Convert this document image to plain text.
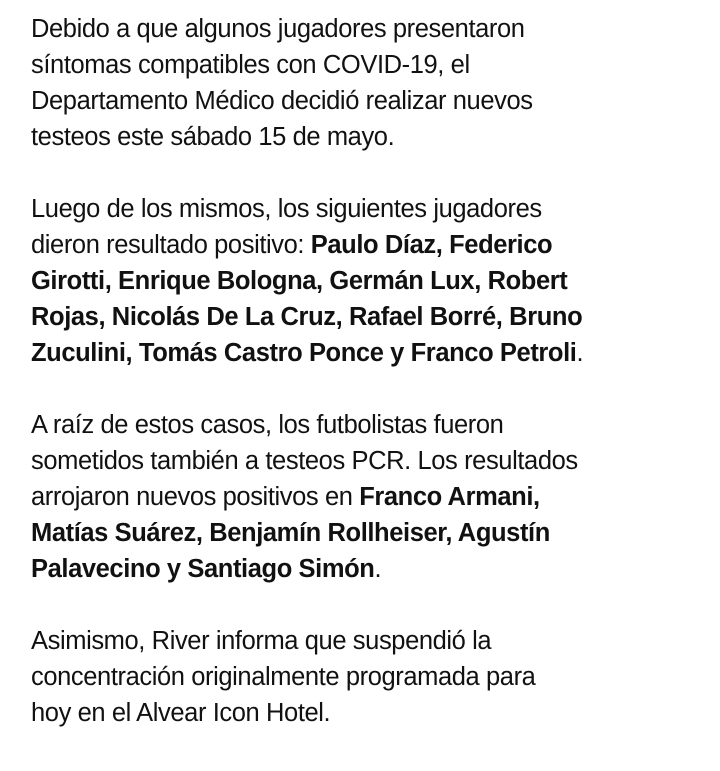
Debido a que algunos jugadores presentaron
síntomas compatibles con COVID-19, el
Departamento Médico decidió realizar nuevos
testeos este sábado 15 de mayo.

Luego de los mismos, los siguientes jugadores
dieron resultado positivo: Paulo Díaz, Federico
Girotti, Enrique Bologna, Germán Lux, Robert
Rojas, Nicolás De La Cruz, Rafael Borré, Bruno
Zuculini, Tomás Castro Ponce y Franco Petroli.

A raíz de estos casos, los futbolistas fueron
sometidos también a testeos PCR. Los resultados
arrojaron nuevos positivos en Franco Armani,
Matías Suárez, Benjamín Rollheiser, Agustín
Palavecino y Santiago Simón.

Asimismo, River informa que suspendió la
concentración originalmente programada para
hoy en el Alvear Icon Hotel.
